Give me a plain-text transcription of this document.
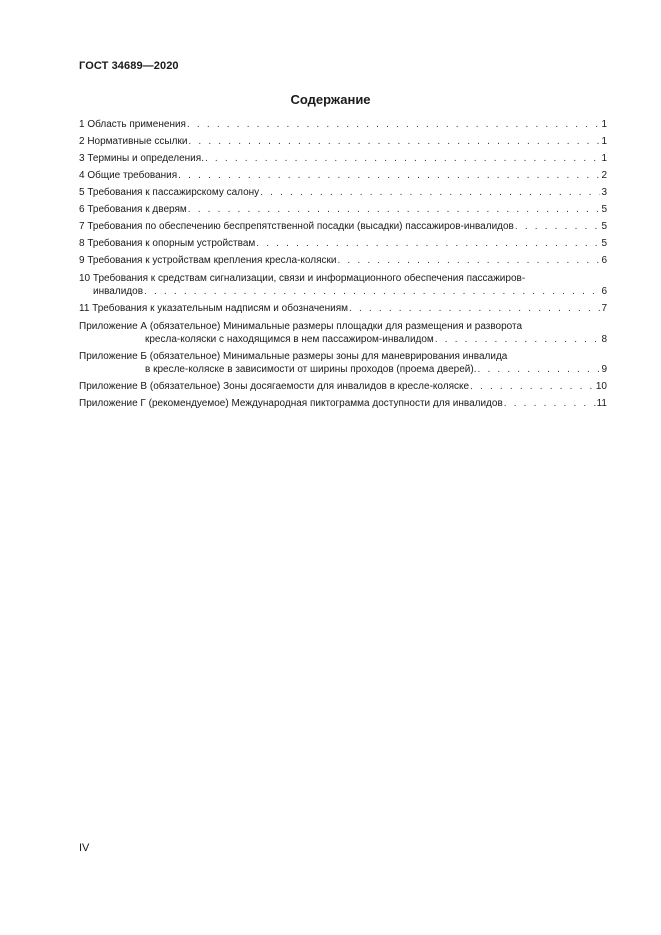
ГОСТ 34689—2020
Содержание
1 Область применения . . .	1
2 Нормативные ссылки . . .	1
3 Термины и определения. . . .	1
4 Общие требования . . .	2
5 Требования к пассажирскому салону . . .	3
6 Требования к дверям . . .	5
7 Требования по обеспечению беспрепятственной посадки (высадки) пассажиров-инвалидов . . .	5
8 Требования к опорным устройствам . . .	5
9 Требования к устройствам крепления кресла-коляски . . .	6
10 Требования к средствам сигнализации, связи и информационного обеспечения пассажиров-
инвалидов . . .	6
11 Требования к указательным надписям и обозначениям . . .	7
Приложение А (обязательное) Минимальные размеры площадки для размещения и разворота
кресла-коляски с находящимся в нем пассажиром-инвалидом . . .	8
Приложение Б (обязательное) Минимальные размеры зоны для маневрирования инвалида
в кресле-коляске в зависимости от ширины проходов (проема дверей). . . .	9
Приложение В (обязательное) Зоны досягаемости для инвалидов в кресле-коляске . . .	10
Приложение Г (рекомендуемое) Международная пиктограмма доступности для инвалидов . . .	11
IV
